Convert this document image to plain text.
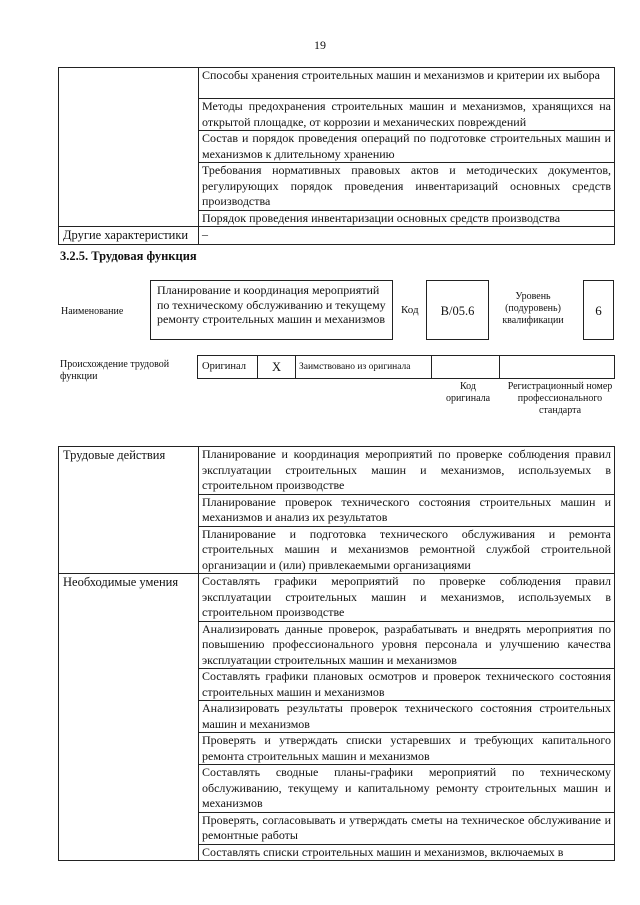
19
	Способы хранения строительных машин и механизмов и критерии их выбора
	Методы предохранения строительных машин и механизмов, хранящихся на открытой площадке, от коррозии и механических повреждений
	Состав и порядок проведения операций по подготовке строительных машин и механизмов к длительному хранению
	Требования нормативных правовых актов и методических документов, регулирующих порядок проведения инвентаризаций основных средств производства
	Порядок проведения инвентаризации основных средств производства
Другие характеристики	–
3.2.5. Трудовая функция
Наименование
Планирование и координация мероприятий по техническому обслуживанию и текущему ремонту строительных машин и механизмов
Код	B/05.6
Уровень (подуровень) квалификации
6
Происхождение трудовой функции
Оригинал	X	Заимствовано из оригинала		
Код оригинала
Регистрационный номер профессионального стандарта
Трудовые действия	Планирование и координация мероприятий по проверке соблюдения правил эксплуатации строительных машин и механизмов, используемых в строительном производстве
	Планирование проверок технического состояния строительных машин и механизмов и анализ их результатов
	Планирование и подготовка технического обслуживания и ремонта строительных машин и механизмов ремонтной службой строительной организации и (или) привлекаемыми организациями
Необходимые умения	Составлять графики мероприятий по проверке соблюдения правил эксплуатации строительных машин и механизмов, используемых в строительном производстве
	Анализировать данные проверок, разрабатывать и внедрять мероприятия по повышению профессионального уровня персонала и улучшению качества эксплуатации строительных машин и механизмов
	Составлять графики плановых осмотров и проверок технического состояния строительных машин и механизмов
	Анализировать результаты проверок технического состояния строительных машин и механизмов
	Проверять и утверждать списки устаревших и требующих капитального ремонта строительных машин и механизмов
	Составлять сводные планы-графики мероприятий по техническому обслуживанию, текущему и капитальному ремонту строительных машин и механизмов
	Проверять, согласовывать и утверждать сметы на техническое обслуживание и ремонтные работы
	Составлять списки строительных машин и механизмов, включаемых в
